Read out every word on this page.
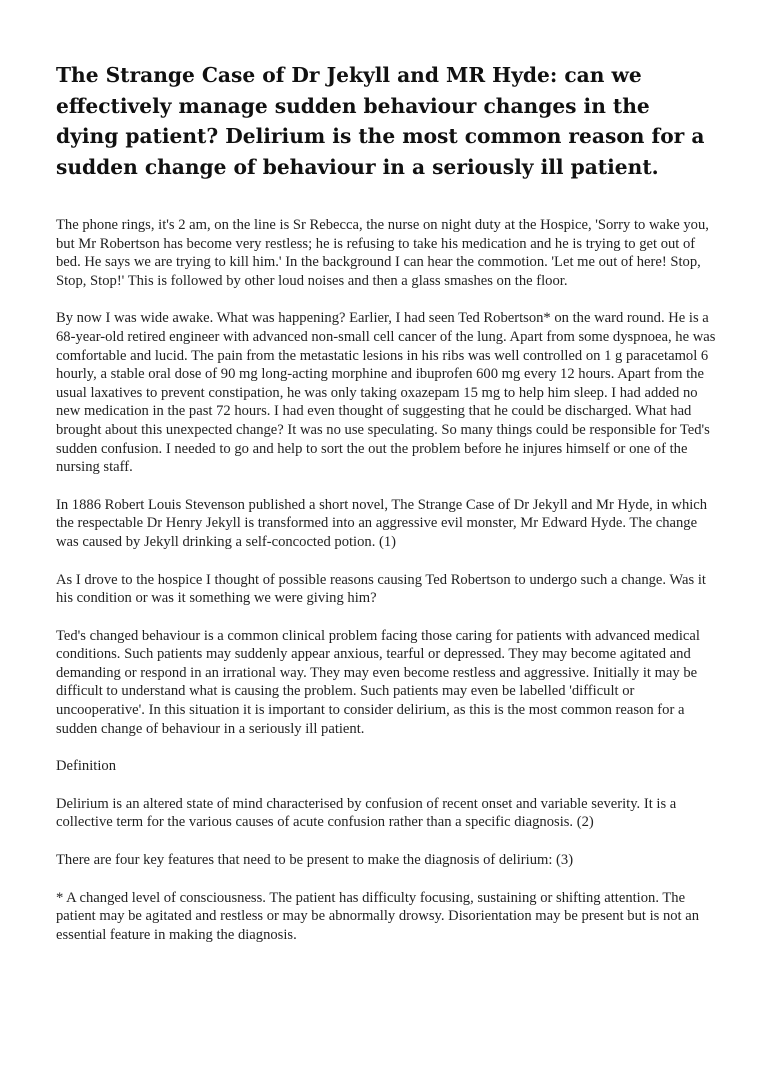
The Strange Case of Dr Jekyll and MR Hyde: can we effectively manage sudden behaviour changes in the dying patient? Delirium is the most common reason for a sudden change of behaviour in a seriously ill patient.

The phone rings, it's 2 am, on the line is Sr Rebecca, the nurse on night duty at the Hospice, 'Sorry to wake you, but Mr Robertson has become very restless; he is refusing to take his medication and he is trying to get out of bed. He says we are trying to kill him.' In the background I can hear the commotion. 'Let me out of here! Stop, Stop, Stop!' This is followed by other loud noises and then a glass smashes on the floor.

By now I was wide awake. What was happening? Earlier, I had seen Ted Robertson* on the ward round. He is a 68-year-old retired engineer with advanced non-small cell cancer of the lung. Apart from some dyspnoea, he was comfortable and lucid. The pain from the metastatic lesions in his ribs was well controlled on 1 g paracetamol 6 hourly, a stable oral dose of 90 mg long-acting morphine and ibuprofen 600 mg every 12 hours. Apart from the usual laxatives to prevent constipation, he was only taking oxazepam 15 mg to help him sleep. I had added no new medication in the past 72 hours. I had even thought of suggesting that he could be discharged. What had brought about this unexpected change? It was no use speculating. So many things could be responsible for Ted's sudden confusion. I needed to go and help to sort the out the problem before he injures himself or one of the nursing staff.

In 1886 Robert Louis Stevenson published a short novel, The Strange Case of Dr Jekyll and Mr Hyde, in which the respectable Dr Henry Jekyll is transformed into an aggressive evil monster, Mr Edward Hyde. The change was caused by Jekyll drinking a self-concocted potion. (1)

As I drove to the hospice I thought of possible reasons causing Ted Robertson to undergo such a change. Was it his condition or was it something we were giving him?

Ted's changed behaviour is a common clinical problem facing those caring for patients with advanced medical conditions. Such patients may suddenly appear anxious, tearful or depressed. They may become agitated and demanding or respond in an irrational way. They may even become restless and aggressive. Initially it may be difficult to understand what is causing the problem. Such patients may even be labelled 'difficult or uncooperative'. In this situation it is important to consider delirium, as this is the most common reason for a sudden change of behaviour in a seriously ill patient.

Definition

Delirium is an altered state of mind characterised by confusion of recent onset and variable severity. It is a collective term for the various causes of acute confusion rather than a specific diagnosis. (2)

There are four key features that need to be present to make the diagnosis of delirium: (3)

* A changed level of consciousness. The patient has difficulty focusing, sustaining or shifting attention. The patient may be agitated and restless or may be abnormally drowsy. Disorientation may be present but is not an essential feature in making the diagnosis.
